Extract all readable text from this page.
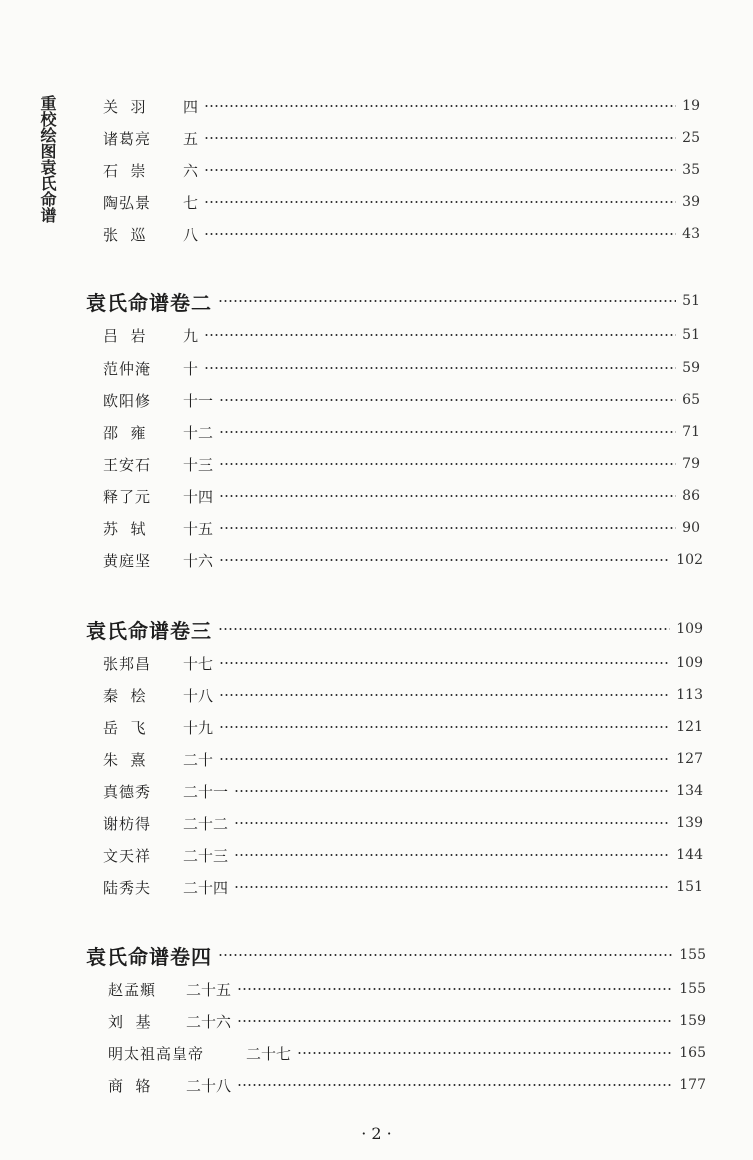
重校绘图袁氏命谱	关  羽	四	19
诸葛亮	五	25
石  崇	六	35
陶弘景	七	39
张  巡	八	43
袁氏命谱卷二	51
吕  岩	九	51
范仲淹	十	59
欧阳修	十一	65
邵  雍	十二	71
王安石	十三	79
释了元	十四	86
苏  轼	十五	90
黄庭坚	十六	102
袁氏命谱卷三	109
张邦昌	十七	109
秦  桧	十八	113
岳  飞	十九	121
朱  熹	二十	127
真德秀	二十一	134
谢枋得	二十二	139
文天祥	二十三	144
陆秀夫	二十四	151
袁氏命谱卷四	155
赵孟頫	二十五	155
刘  基	二十六	159
明太祖高皇帝	二十七	165
商  辂	二十八	177
· 2 ·
